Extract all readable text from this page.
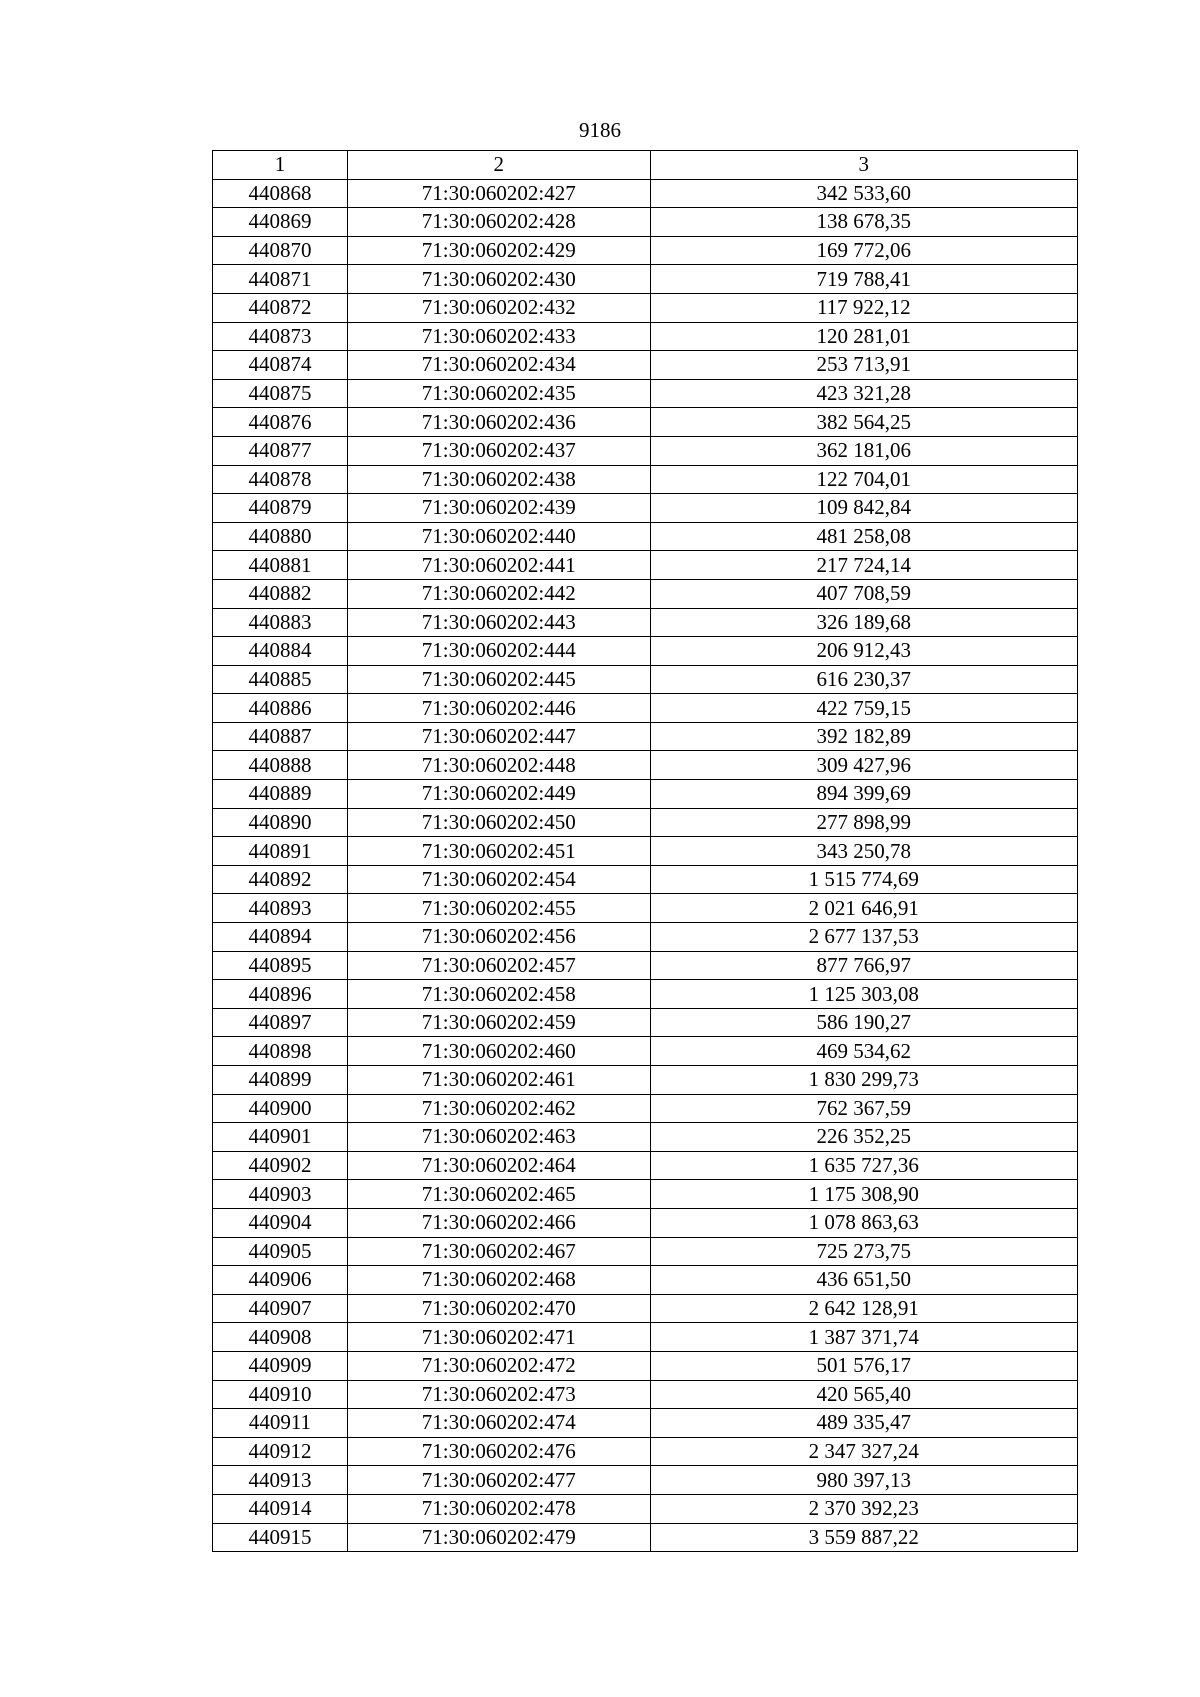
9186
1	2	3
440868	71:30:060202:427	342 533,60
440869	71:30:060202:428	138 678,35
440870	71:30:060202:429	169 772,06
440871	71:30:060202:430	719 788,41
440872	71:30:060202:432	117 922,12
440873	71:30:060202:433	120 281,01
440874	71:30:060202:434	253 713,91
440875	71:30:060202:435	423 321,28
440876	71:30:060202:436	382 564,25
440877	71:30:060202:437	362 181,06
440878	71:30:060202:438	122 704,01
440879	71:30:060202:439	109 842,84
440880	71:30:060202:440	481 258,08
440881	71:30:060202:441	217 724,14
440882	71:30:060202:442	407 708,59
440883	71:30:060202:443	326 189,68
440884	71:30:060202:444	206 912,43
440885	71:30:060202:445	616 230,37
440886	71:30:060202:446	422 759,15
440887	71:30:060202:447	392 182,89
440888	71:30:060202:448	309 427,96
440889	71:30:060202:449	894 399,69
440890	71:30:060202:450	277 898,99
440891	71:30:060202:451	343 250,78
440892	71:30:060202:454	1 515 774,69
440893	71:30:060202:455	2 021 646,91
440894	71:30:060202:456	2 677 137,53
440895	71:30:060202:457	877 766,97
440896	71:30:060202:458	1 125 303,08
440897	71:30:060202:459	586 190,27
440898	71:30:060202:460	469 534,62
440899	71:30:060202:461	1 830 299,73
440900	71:30:060202:462	762 367,59
440901	71:30:060202:463	226 352,25
440902	71:30:060202:464	1 635 727,36
440903	71:30:060202:465	1 175 308,90
440904	71:30:060202:466	1 078 863,63
440905	71:30:060202:467	725 273,75
440906	71:30:060202:468	436 651,50
440907	71:30:060202:470	2 642 128,91
440908	71:30:060202:471	1 387 371,74
440909	71:30:060202:472	501 576,17
440910	71:30:060202:473	420 565,40
440911	71:30:060202:474	489 335,47
440912	71:30:060202:476	2 347 327,24
440913	71:30:060202:477	980 397,13
440914	71:30:060202:478	2 370 392,23
440915	71:30:060202:479	3 559 887,22
